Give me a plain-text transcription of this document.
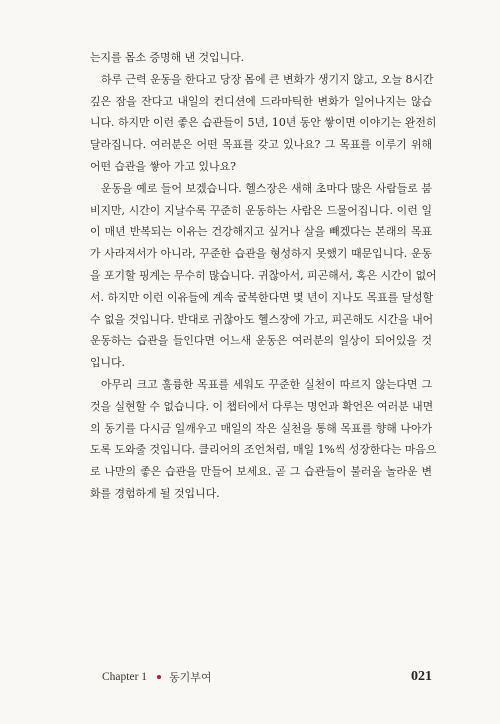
는지를 몸소 증명해 낸 것입니다.
하루 근력 운동을 한다고 당장 몸에 큰 변화가 생기지 않고, 오늘 8시간
깊은 잠을 잔다고 내일의 컨디션에 드라마틱한 변화가 일어나지는 않습
니다. 하지만 이런 좋은 습관들이 5년, 10년 동안 쌓이면 이야기는 완전히
달라집니다. 여러분은 어떤 목표를 갖고 있나요? 그 목표를 이루기 위해
어떤 습관을 쌓아 가고 있나요?
운동을 예로 들어 보겠습니다. 헬스장은 새해 초마다 많은 사람들로 붐
비지만, 시간이 지날수록 꾸준히 운동하는 사람은 드물어집니다. 이런 일
이 매년 반복되는 이유는 건강해지고 싶거나 살을 빼겠다는 본래의 목표
가 사라져서가 아니라, 꾸준한 습관을 형성하지 못했기 때문입니다. 운동
을 포기할 핑계는 무수히 많습니다. 귀찮아서, 피곤해서, 혹은 시간이 없어
서. 하지만 이런 이유들에 계속 굴복한다면 몇 년이 지나도 목표를 달성할
수 없을 것입니다. 반대로 귀찮아도 헬스장에 가고, 피곤해도 시간을 내어
운동하는 습관을 들인다면 어느새 운동은 여러분의 일상이 되어있을 것
입니다.
아무리 크고 훌륭한 목표를 세워도 꾸준한 실천이 따르지 않는다면 그
것을 실현할 수 없습니다. 이 챕터에서 다루는 명언과 확언은 여러분 내면
의 동기를 다시금 일깨우고 매일의 작은 실천을 통해 목표를 향해 나아가
도록 도와줄 것입니다. 클리어의 조언처럼, 매일 1%씩 성장한다는 마음으
로 나만의 좋은 습관을 만들어 보세요. 곧 그 습관들이 불러올 놀라운 변
화를 경험하게 될 것입니다.
Chapter 1 동기부여	021
